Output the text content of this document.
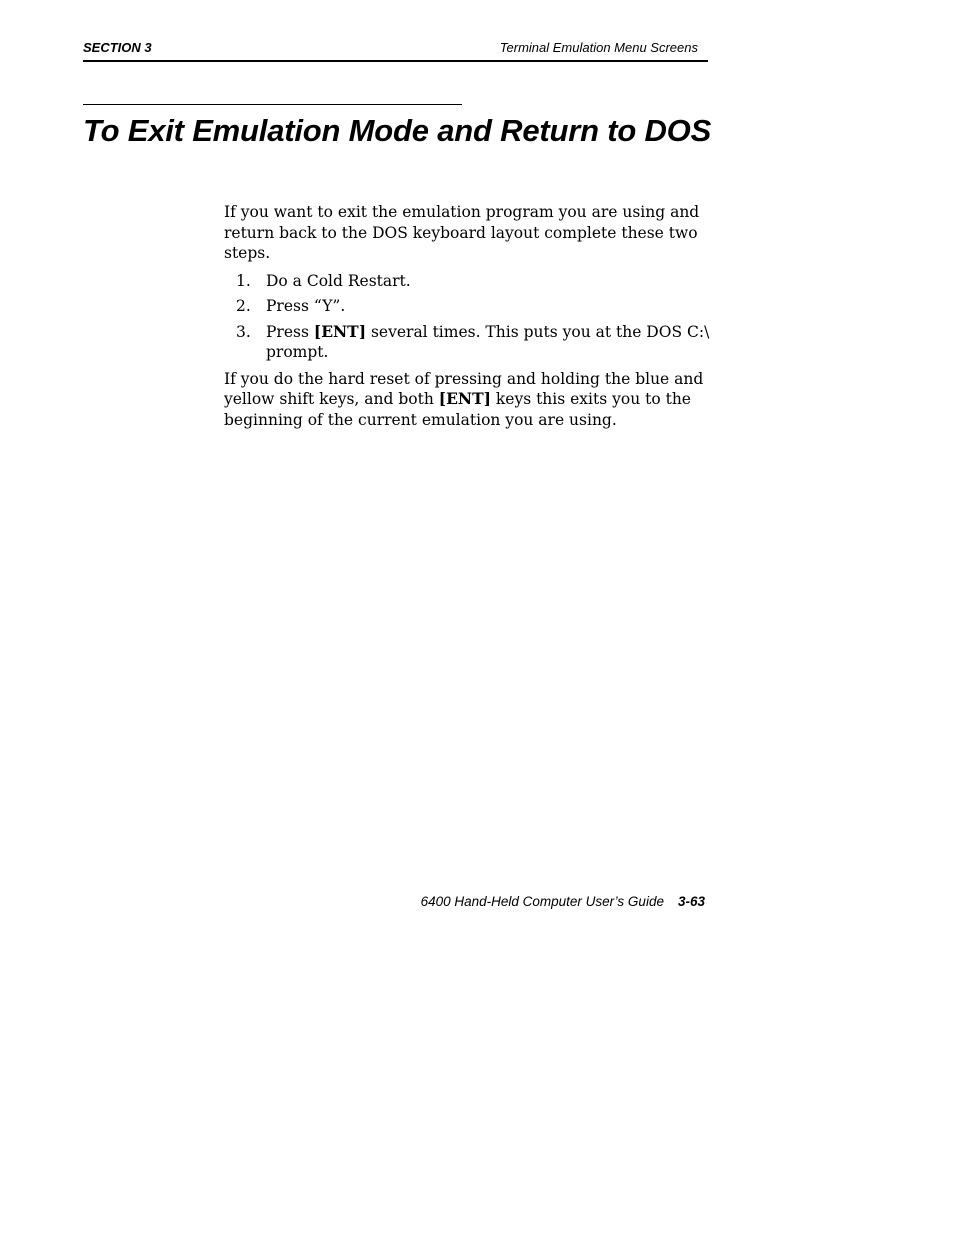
SECTION 3	Terminal Emulation Menu Screens
To Exit Emulation Mode and Return to DOS

If you want to exit the emulation program you are using and return back to the DOS keyboard layout complete these two steps.

1. Do a Cold Restart.
2. Press “Y”.
3. Press [ENT] several times. This puts you at the DOS C:\ prompt.

If you do the hard reset of pressing and holding the blue and yellow shift keys, and both [ENT] keys this exits you to the beginning of the current emulation you are using.

6400 Hand-Held Computer User’s Guide 3-63
